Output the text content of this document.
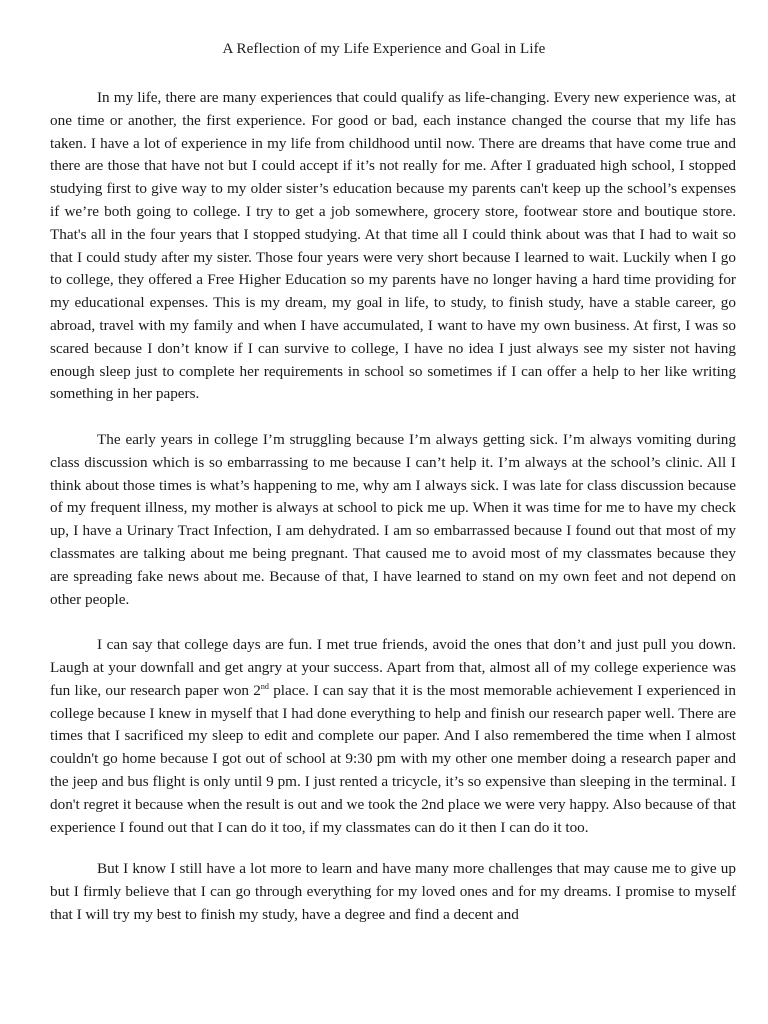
A Reflection of my Life Experience and Goal in Life

In my life, there are many experiences that could qualify as life-changing. Every new experience was, at one time or another, the first experience. For good or bad, each instance changed the course that my life has taken. I have a lot of experience in my life from childhood until now. There are dreams that have come true and there are those that have not but I could accept if it’s not really for me. After I graduated high school, I stopped studying first to give way to my older sister’s education because my parents can't keep up the school’s expenses if we’re both going to college. I try to get a job somewhere, grocery store, footwear store and boutique store. That's all in the four years that I stopped studying. At that time all I could think about was that I had to wait so that I could study after my sister. Those four years were very short because I learned to wait. Luckily when I go to college, they offered a Free Higher Education so my parents have no longer having a hard time providing for my educational expenses. This is my dream, my goal in life, to study, to finish study, have a stable career, go abroad, travel with my family and when I have accumulated, I want to have my own business. At first, I was so scared because I don’t know if I can survive to college, I have no idea I just always see my sister not having enough sleep just to complete her requirements in school so sometimes if I can offer a help to her like writing something in her papers.

The early years in college I’m struggling because I’m always getting sick. I’m always vomiting during class discussion which is so embarrassing to me because I can’t help it. I’m always at the school’s clinic. All I think about those times is what’s happening to me, why am I always sick. I was late for class discussion because of my frequent illness, my mother is always at school to pick me up. When it was time for me to have my check up, I have a Urinary Tract Infection, I am dehydrated. I am so embarrassed because I found out that most of my classmates are talking about me being pregnant. That caused me to avoid most of my classmates because they are spreading fake news about me. Because of that, I have learned to stand on my own feet and not depend on other people.

I can say that college days are fun. I met true friends, avoid the ones that don’t and just pull you down. Laugh at your downfall and get angry at your success. Apart from that, almost all of my college experience was fun like, our research paper won 2nd place. I can say that it is the most memorable achievement I experienced in college because I knew in myself that I had done everything to help and finish our research paper well. There are times that I sacrificed my sleep to edit and complete our paper. And I also remembered the time when I almost couldn't go home because I got out of school at 9:30 pm with my other one member doing a research paper and the jeep and bus flight is only until 9 pm. I just rented a tricycle, it’s so expensive than sleeping in the terminal. I don't regret it because when the result is out and we took the 2nd place we were very happy. Also because of that experience I found out that I can do it too, if my classmates can do it then I can do it too.

But I know I still have a lot more to learn and have many more challenges that may cause me to give up but I firmly believe that I can go through everything for my loved ones and for my dreams. I promise to myself that I will try my best to finish my study, have a degree and find a decent and
